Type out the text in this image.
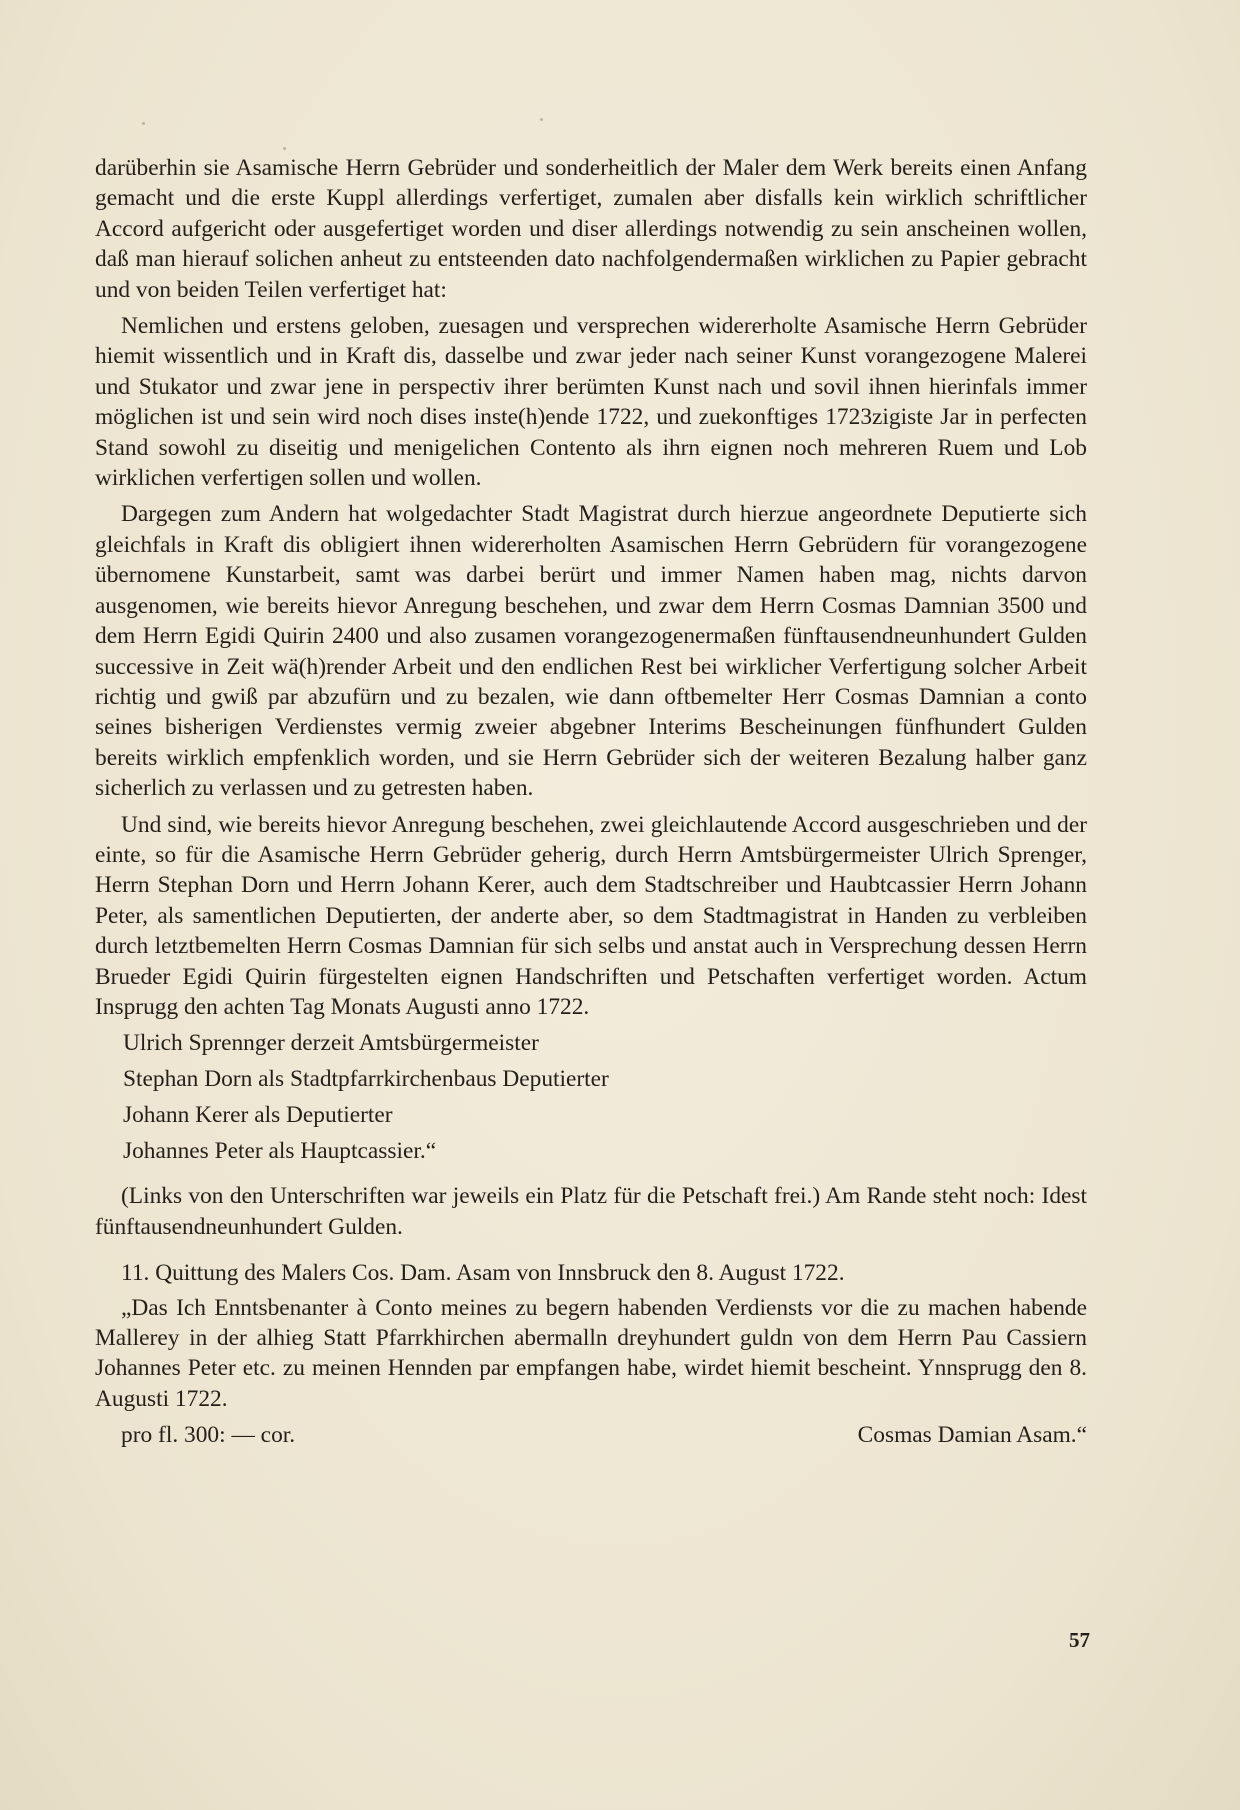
darüberhin sie Asamische Herrn Gebrüder und sonderheitlich der Maler dem Werk bereits einen Anfang gemacht und die erste Kuppl allerdings verfertiget, zumalen aber disfalls kein wirklich schriftlicher Accord aufgericht oder ausgefertiget worden und diser allerdings notwendig zu sein anscheinen wollen, daß man hierauf solichen anheut zu entsteenden dato nachfolgendermaßen wirklichen zu Papier gebracht und von beiden Teilen verfertiget hat:

Nemlichen und erstens geloben, zuesagen und versprechen widererholte Asamische Herrn Gebrüder hiemit wissentlich und in Kraft dis, dasselbe und zwar jeder nach seiner Kunst vorangezogene Malerei und Stukator und zwar jene in perspectiv ihrer berümten Kunst nach und sovil ihnen hierinfals immer möglichen ist und sein wird noch dises inste(h)ende 1722, und zuekonftiges 1723zigiste Jar in perfecten Stand sowohl zu diseitig und menigelichen Contento als ihrn eignen noch mehreren Ruem und Lob wirklichen verfertigen sollen und wollen.

Dargegen zum Andern hat wolgedachter Stadt Magistrat durch hierzue angeordnete Deputierte sich gleichfals in Kraft dis obligiert ihnen widererholten Asamischen Herrn Gebrüdern für vorangezogene übernomene Kunstarbeit, samt was darbei berürt und immer Namen haben mag, nichts darvon ausgenomen, wie bereits hievor Anregung beschehen, und zwar dem Herrn Cosmas Damnian 3500 und dem Herrn Egidi Quirin 2400 und also zusamen vorangezogenermaßen fünftausendneunhundert Gulden successive in Zeit wä(h)render Arbeit und den endlichen Rest bei wirklicher Verfertigung solcher Arbeit richtig und gwiß par abzufürn und zu bezalen, wie dann oftbemelter Herr Cosmas Damnian a conto seines bisherigen Verdienstes vermig zweier abgebner Interims Bescheinungen fünfhundert Gulden bereits wirklich empfenklich worden, und sie Herrn Gebrüder sich der weiteren Bezalung halber ganz sicherlich zu verlassen und zu getresten haben.

Und sind, wie bereits hievor Anregung beschehen, zwei gleichlautende Accord ausgeschrieben und der einte, so für die Asamische Herrn Gebrüder geherig, durch Herrn Amtsbürgermeister Ulrich Sprenger, Herrn Stephan Dorn und Herrn Johann Kerer, auch dem Stadtschreiber und Haubtcassier Herrn Johann Peter, als samentlichen Deputierten, der anderte aber, so dem Stadtmagistrat in Handen zu verbleiben durch letztbemelten Herrn Cosmas Damnian für sich selbs und anstat auch in Versprechung dessen Herrn Brueder Egidi Quirin fürgestelten eignen Handschriften und Petschaften verfertiget worden. Actum Insprugg den achten Tag Monats Augusti anno 1722.

Ulrich Sprennger derzeit Amtsbürgermeister

Stephan Dorn als Stadtpfarrkirchenbaus Deputierter

Johann Kerer als Deputierter

Johannes Peter als Hauptcassier.“

(Links von den Unterschriften war jeweils ein Platz für die Petschaft frei.) Am Rande steht noch: Idest fünftausendneunhundert Gulden.

11. Quittung des Malers Cos. Dam. Asam von Innsbruck den 8. August 1722.

„Das Ich Enntsbenanter à Conto meines zu begern habenden Verdiensts vor die zu machen habende Mallerey in der alhieg Statt Pfarrkhirchen abermalln dreyhundert guldn von dem Herrn Pau Cassiern Johannes Peter etc. zu meinen Hennden par empfangen habe, wirdet hiemit bescheint. Ynnsprugg den 8. Augusti 1722.

pro fl. 300: — cor.	Cosmas Damian Asam.“
57
